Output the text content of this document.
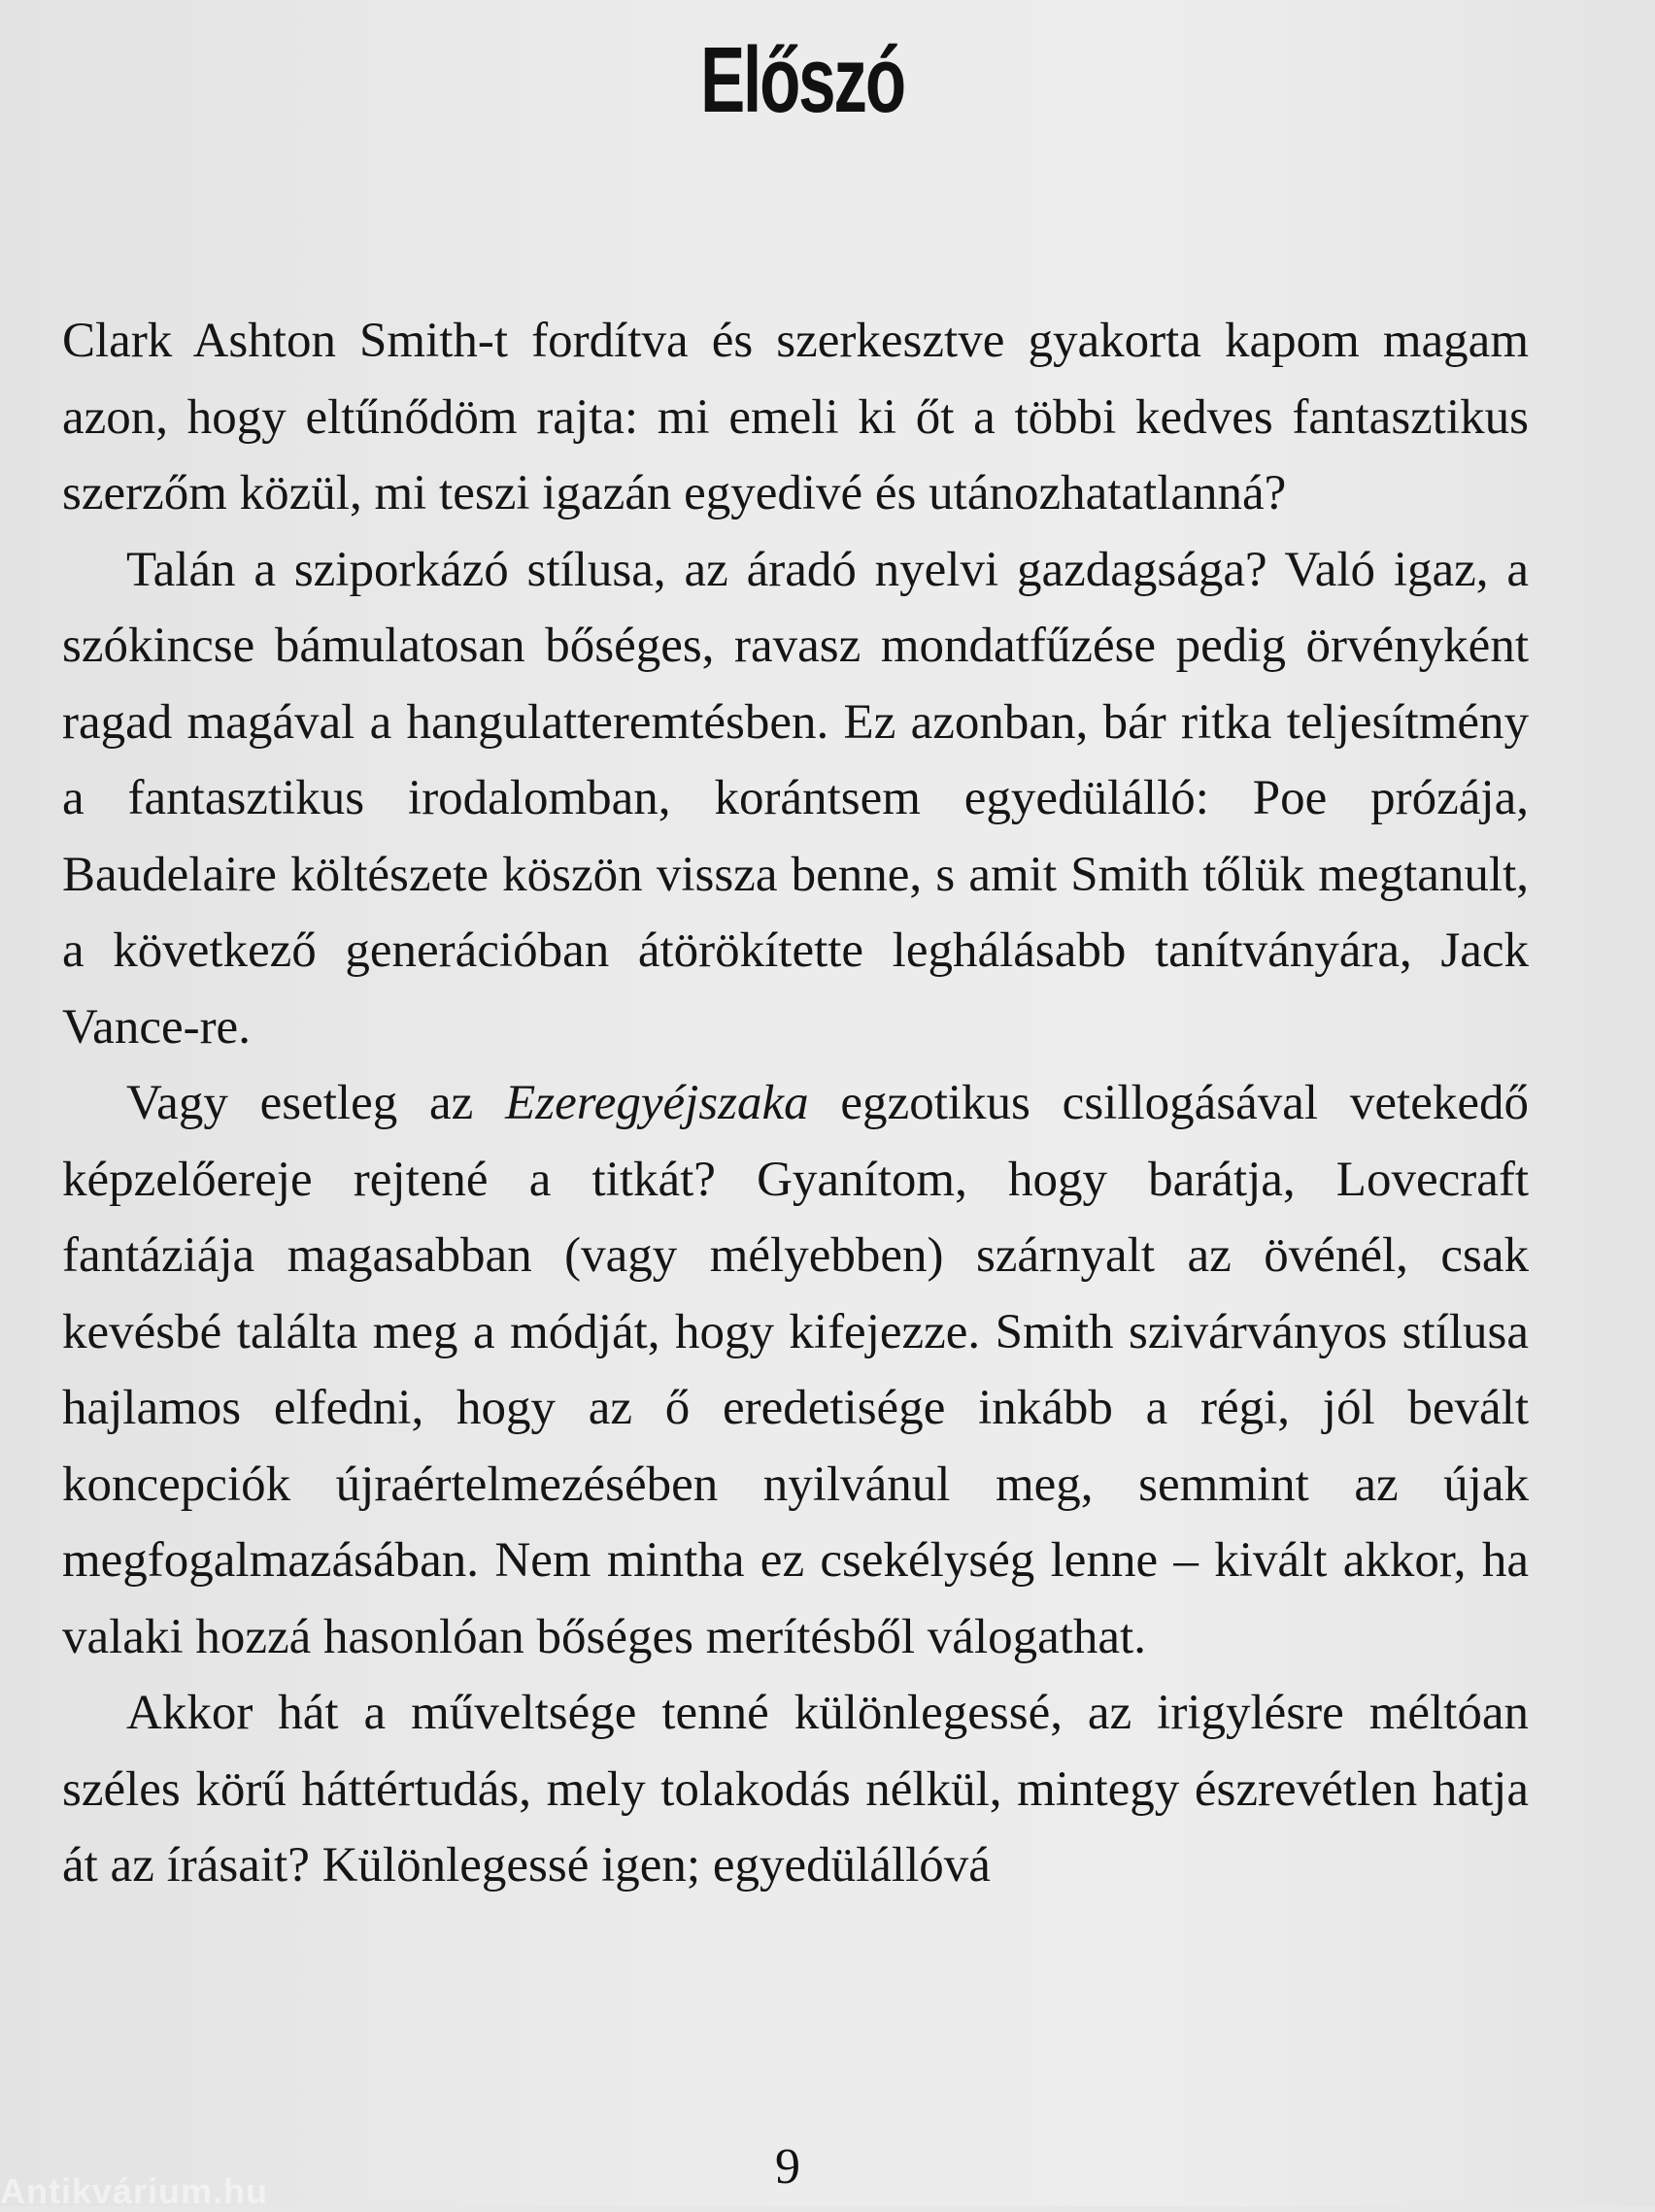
Előszó

Clark Ashton Smith-t fordítva és szerkesztve gyakorta kapom magam azon, hogy eltűnődöm rajta: mi emeli ki őt a többi kedves fantasztikus szerzőm közül, mi teszi igazán egyedivé és utánozhatatlanná?

Talán a sziporkázó stílusa, az áradó nyelvi gazdagsága? Való igaz, a szókincse bámulatosan bőséges, ravasz mondatfűzése pedig örvényként ragad magával a hangulatteremtésben. Ez azonban, bár ritka teljesítmény a fantasztikus irodalomban, korántsem egyedülálló: Poe prózája, Baudelaire költészete köszön vissza benne, s amit Smith tőlük megtanult, a következő generációban átörökítette leghálásabb tanítványára, Jack Vance-re.

Vagy esetleg az Ezeregyéjszaka egzotikus csillogásával vetekedő képzelőereje rejtené a titkát? Gyanítom, hogy barátja, Lovecraft fantáziája magasabban (vagy mélyebben) szárnyalt az övénél, csak kevésbé találta meg a módját, hogy kifejezze. Smith szivárványos stílusa hajlamos elfedni, hogy az ő eredetisége inkább a régi, jól bevált koncepciók újraértelmezésében nyilvánul meg, semmint az újak megfogalmazásában. Nem mintha ez csekélység lenne – kivált akkor, ha valaki hozzá hasonlóan bőséges merítésből válogathat.

Akkor hát a műveltsége tenné különlegessé, az irigylésre méltóan széles körű háttértudás, mely tolakodás nélkül, mintegy észrevétlen hatja át az írásait? Különlegessé igen; egyedülállóvá

9
Antikvárium.hu
